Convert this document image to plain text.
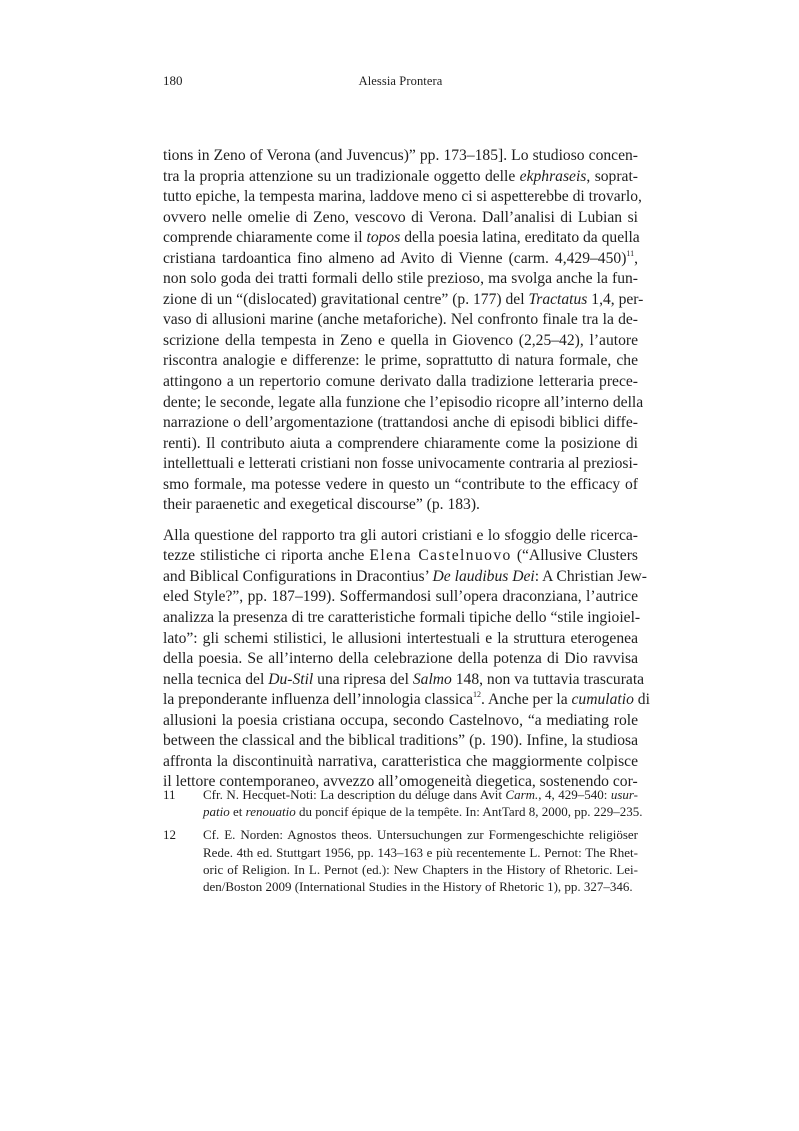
180	Alessia Prontera
tions in Zeno of Verona (and Juvencus)” pp. 173–185]. Lo studioso concen-
tra la propria attenzione su un tradizionale oggetto delle ekphraseis, soprat-
tutto epiche, la tempesta marina, laddove meno ci si aspetterebbe di trovarlo,
ovvero nelle omelie di Zeno, vescovo di Verona. Dall’analisi di Lubian si
comprende chiaramente come il topos della poesia latina, ereditato da quella
cristiana tardoantica fino almeno ad Avito di Vienne (carm. 4,429–450)$^{11}$,
non solo goda dei tratti formali dello stile prezioso, ma svolga anche la fun-
zione di un “(dislocated) gravitational centre” (p. 177) del Tractatus 1,4, per-
vaso di allusioni marine (anche metaforiche). Nel confronto finale tra la de-
scrizione della tempesta in Zeno e quella in Giovenco (2,25–42), l’autore
riscontra analogie e differenze: le prime, soprattutto di natura formale, che
attingono a un repertorio comune derivato dalla tradizione letteraria prece-
dente; le seconde, legate alla funzione che l’episodio ricopre all’interno della
narrazione o dell’argomentazione (trattandosi anche di episodi biblici diffe-
renti). Il contributo aiuta a comprendere chiaramente come la posizione di
intellettuali e letterati cristiani non fosse univocamente contraria al preziosi-
smo formale, ma potesse vedere in questo un “contribute to the efficacy of
their paraenetic and exegetical discourse” (p. 183).
Alla questione del rapporto tra gli autori cristiani e lo sfoggio delle ricerca-
tezze stilistiche ci riporta anche Elena Castelnuovo (“Allusive Clusters
and Biblical Configurations in Dracontius’ De laudibus Dei: A Christian Jew-
eled Style?”, pp. 187–199). Soffermandosi sull’opera draconziana, l’autrice
analizza la presenza di tre caratteristiche formali tipiche dello “stile ingioiel-
lato”: gli schemi stilistici, le allusioni intertestuali e la struttura eterogenea
della poesia. Se all’interno della celebrazione della potenza di Dio ravvisa
nella tecnica del Du-Stil una ripresa del Salmo 148, non va tuttavia trascurata
la preponderante influenza dell’innologia classica$^{12}$. Anche per la cumulatio di
allusioni la poesia cristiana occupa, secondo Castelnovo, “a mediating role
between the classical and the biblical traditions” (p. 190). Infine, la studiosa
affronta la discontinuità narrativa, caratteristica che maggiormente colpisce
il lettore contemporaneo, avvezzo all’omogeneità diegetica, sostenendo cor-
11 Cfr. N. Hecquet-Noti: La description du déluge dans Avit Carm., 4, 429–540: usur-
patio et renouatio du poncif épique de la tempête. In: AntTard 8, 2000, pp. 229–235.
12 Cf. E. Norden: Agnostos theos. Untersuchungen zur Formengeschichte religiöser
Rede. 4th ed. Stuttgart 1956, pp. 143–163 e più recentemente L. Pernot: The Rhet-
oric of Religion. In L. Pernot (ed.): New Chapters in the History of Rhetoric. Lei-
den/Boston 2009 (International Studies in the History of Rhetoric 1), pp. 327–346.
